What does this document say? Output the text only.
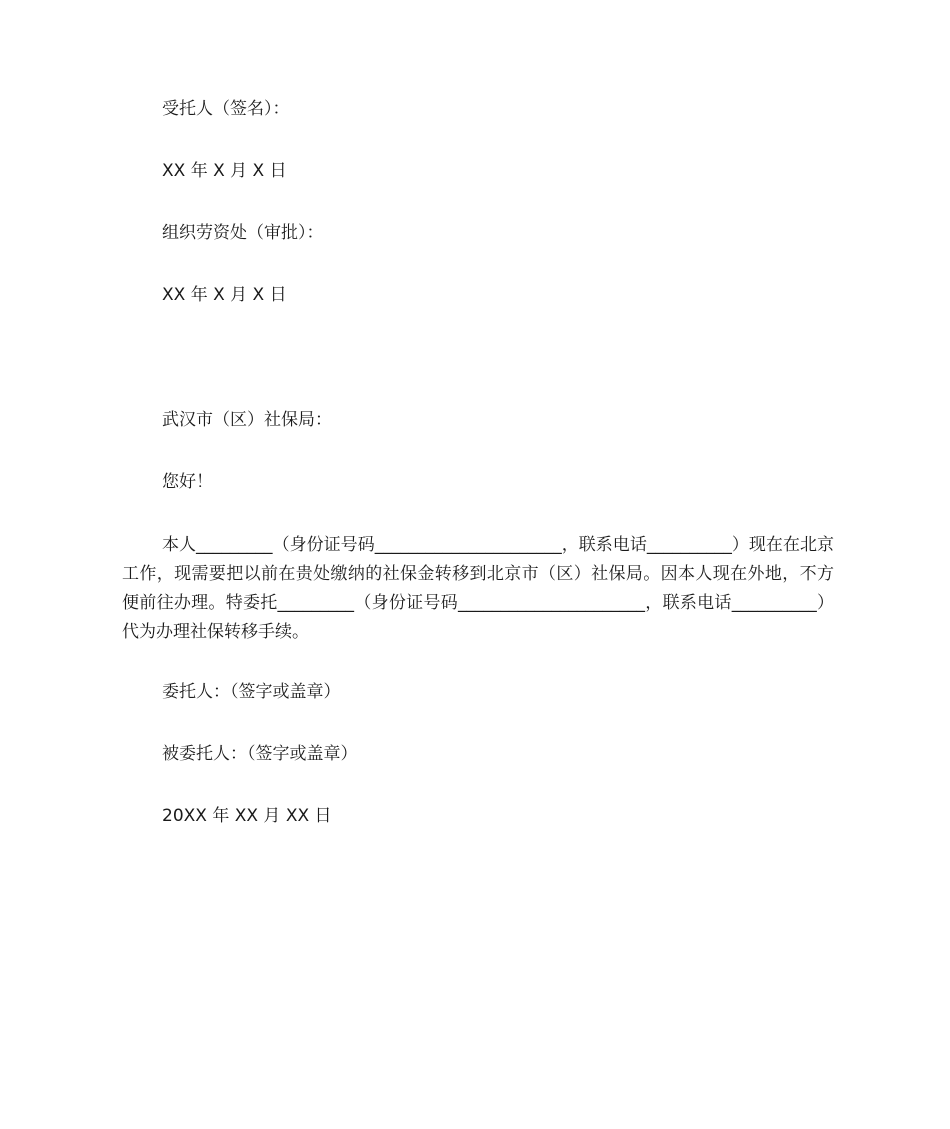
受托人（签名）：
XX 年 X 月 X 日
组织劳资处（审批）：
XX 年 X 月 X 日
武汉市（区）社保局：
您好！
本人_________（身份证号码______________________，联系电话__________）现在在北京工作，现需要把以前在贵处缴纳的社保金转移到北京市（区）社保局。因本人现在外地，不方便前往办理。特委托_________（身份证号码______________________，联系电话__________）代为办理社保转移手续。
委托人：（签字或盖章）
被委托人：（签字或盖章）
20XX 年 XX 月 XX 日
